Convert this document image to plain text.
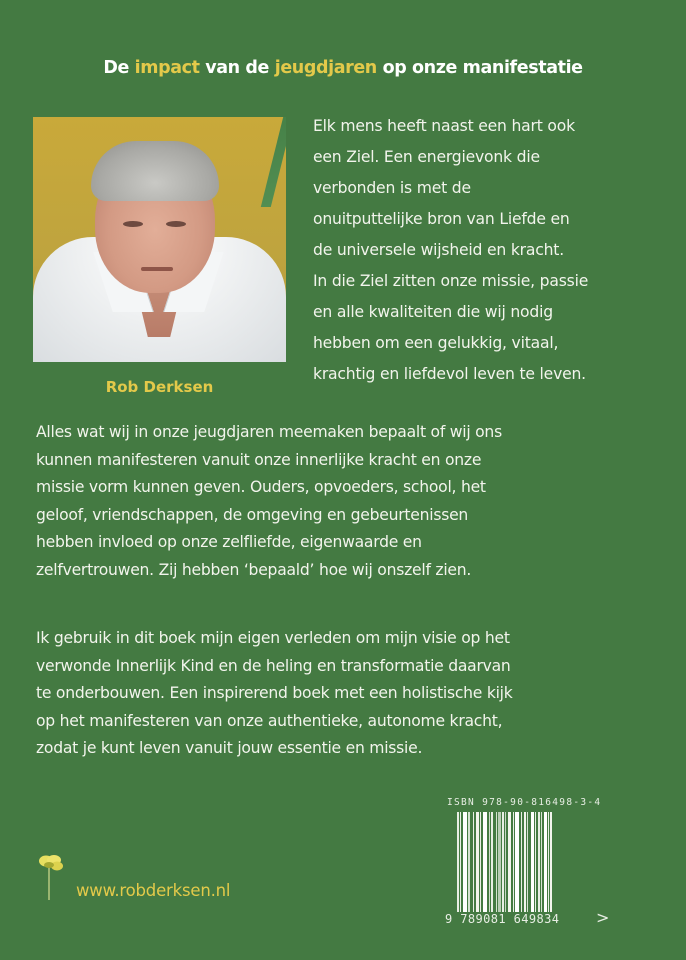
De impact van de jeugdjaren op onze manifestatie
Rob Derksen
Elk mens heeft naast een hart ook
een Ziel. Een energievonk die
verbonden is met de
onuitputtelijke bron van Liefde en
de universele wijsheid en kracht.
In die Ziel zitten onze missie, passie
en alle kwaliteiten die wij nodig
hebben om een gelukkig, vitaal,
krachtig en liefdevol leven te leven.
Alles wat wij in onze jeugdjaren meemaken bepaalt of wij ons
kunnen manifesteren vanuit onze innerlijke kracht en onze
missie vorm kunnen geven. Ouders, opvoeders, school, het
geloof, vriendschappen, de omgeving en gebeurtenissen
hebben invloed op onze zelfliefde, eigenwaarde en
zelfvertrouwen. Zij hebben ‘bepaald’ hoe wij onszelf zien.
Ik gebruik in dit boek mijn eigen verleden om mijn visie op het
verwonde Innerlijk Kind en de heling en transformatie daarvan
te onderbouwen. Een inspirerend boek met een holistische kijk
op het manifesteren van onze authentieke, autonome kracht,
zodat je kunt leven vanuit jouw essentie en missie.
ISBN 978-90-816498-3-4
9 789081 649834 >
www.robderksen.nl
